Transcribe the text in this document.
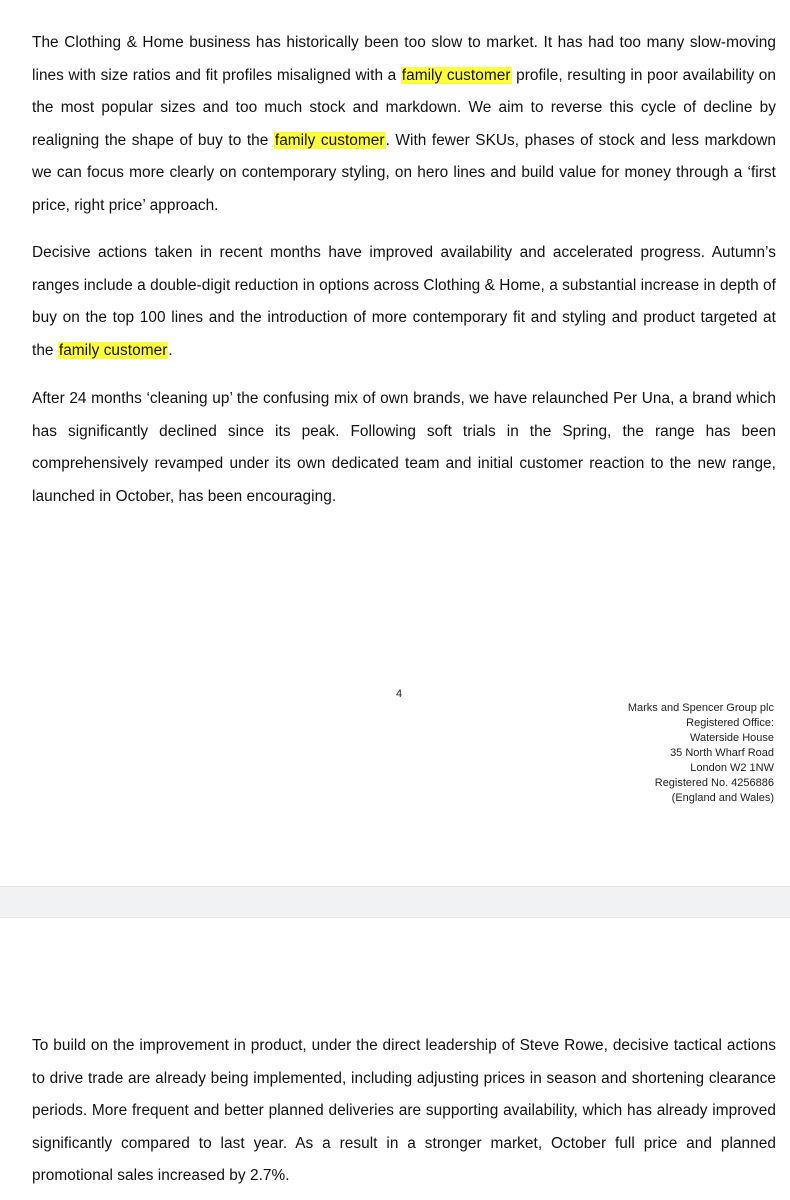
The Clothing & Home business has historically been too slow to market. It has had too many slow-moving lines with size ratios and fit profiles misaligned with a family customer profile, resulting in poor availability on the most popular sizes and too much stock and markdown. We aim to reverse this cycle of decline by realigning the shape of buy to the family customer. With fewer SKUs, phases of stock and less markdown we can focus more clearly on contemporary styling, on hero lines and build value for money through a ‘first price, right price’ approach.

Decisive actions taken in recent months have improved availability and accelerated progress. Autumn’s ranges include a double-digit reduction in options across Clothing & Home, a substantial increase in depth of buy on the top 100 lines and the introduction of more contemporary fit and styling and product targeted at the family customer.

After 24 months ‘cleaning up’ the confusing mix of own brands, we have relaunched Per Una, a brand which has significantly declined since its peak. Following soft trials in the Spring, the range has been comprehensively revamped under its own dedicated team and initial customer reaction to the new range, launched in October, has been encouraging.

4
Marks and Spencer Group plc
Registered Office:
Waterside House
35 North Wharf Road
London W2 1NW
Registered No. 4256886
(England and Wales)

To build on the improvement in product, under the direct leadership of Steve Rowe, decisive tactical actions to drive trade are already being implemented, including adjusting prices in season and shortening clearance periods. More frequent and better planned deliveries are supporting availability, which has already improved significantly compared to last year. As a result in a stronger market, October full price and planned promotional sales increased by 2.7%.
